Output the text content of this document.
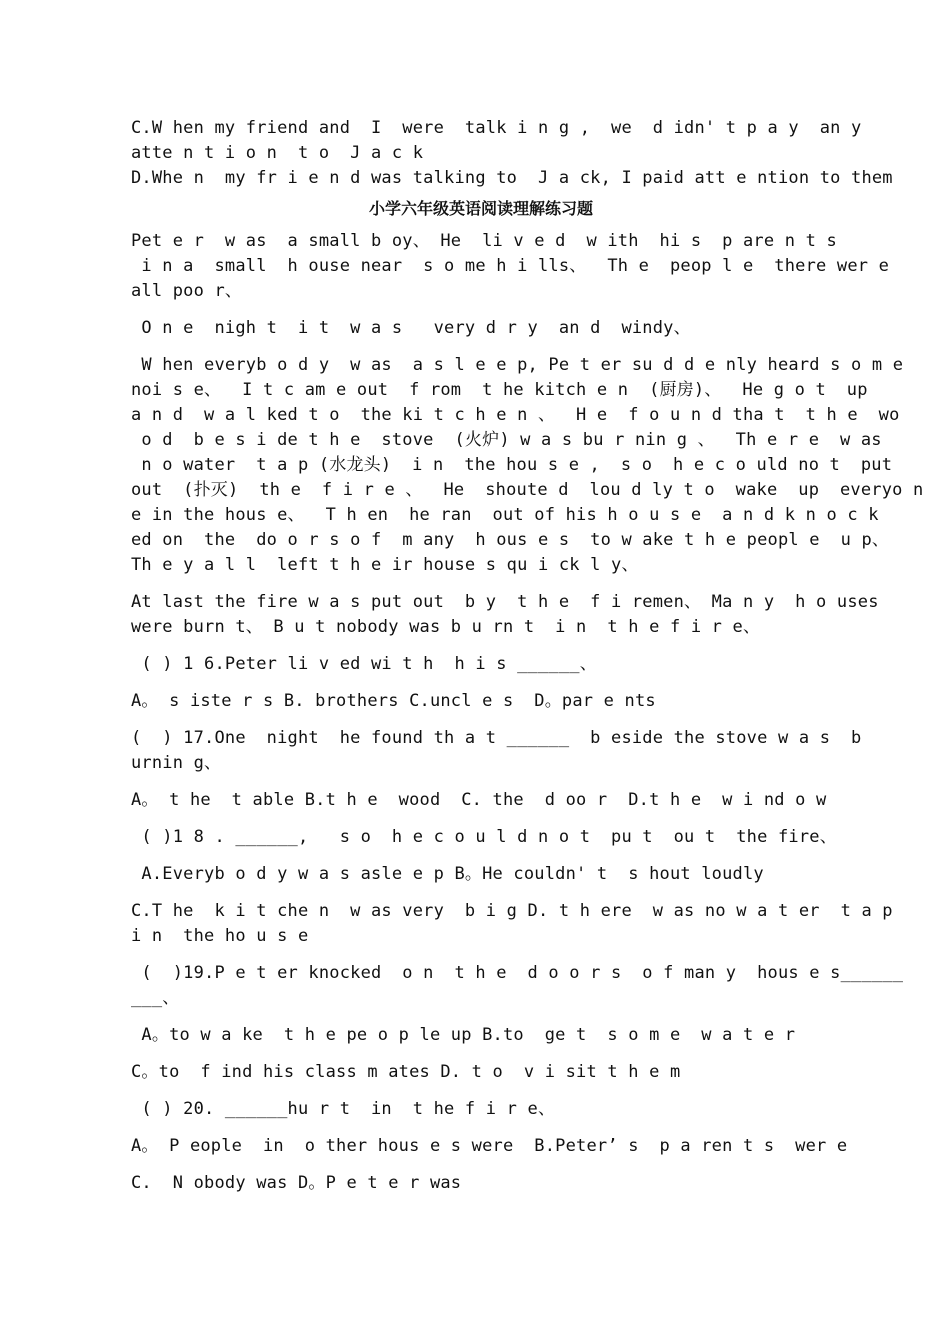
C.W hen my friend and  I  were  talk i n g ,  we  d idn' t p a y  an y
atte n t i o n  t o  J a c k
D.Whe n  my fr i e n d was talking to  J a ck, I paid att e ntion to them
小学六年级英语阅读理解练习题
Pet e r  w as  a small b oy、 He  li v e d  w ith  hi s  p are n t s
i n a  small  h ouse near  s o me h i lls、  Th e  peop l e  there wer e
all poo r、
O n e  nigh t  i t  w a s   very d r y  an d  windy、
W hen everyb o d y  w as  a s l e e p, Pe t er su d d e nly heard s o m e
noi s e、  I t c am e out  f rom  t he kitch e n  (厨房)、  He g o t  up
a n d  w a l ked t o  the ki t c h e n 、  H e  f o u n d tha t  t h e  wo
o d  b e s i de t h e  stove  (火炉) w a s bu r nin g 、  Th e r e  w as
n o water  t a p (水龙头)  i n  the hou s e ,  s o  h e c o uld no t  put
out  (扑灭)  th e  f i r e 、  He  shoute d  lou d ly t o  wake  up  everyo n
e in the hous e、  T h en  he ran  out of his h o u s e  a n d k n o c k
ed on  the  do o r s o f  m any  h ous e s  to w ake t h e peopl e  u p、
Th e y a l l  left t h e ir house s qu i ck l y、
At last the fire w a s put out  b y  t h e  f i remen、 Ma n y  h o uses
were burn t、 B u t nobody was b u rn t  i n  t h e f i r e、
( ) 1 6.Peter li v ed wi t h  h i s ______、
A。 s iste r s B. brothers C.uncl e s  D。par e nts
(  ) 17.One  night  he found th a t ______  b eside the stove w a s  b
urnin g、
A。 t he  t able B.t h e  wood  C. the  d oo r  D.t h e  w i nd o w
( )1 8 . ______,   s o  h e c o u l d n o t  pu t  ou t  the fire、
A.Everyb o d y w a s asle e p B。He couldn' t  s hout loudly
C.T he  k i t che n  w as very  b i g D. t h ere  w as no w a t er  t a p
i n  the ho u s e
(  )19.P e t er knocked  o n  t h e  d o o r s  o f man y  hous e s______
___、
A。to w a ke  t h e pe o p le up B.to  ge t  s o m e  w a t e r
C。to  f ind his class m ates D. t o  v i sit t h e m
( ) 20. ______hu r t  in  t he f i r e、
A。 P eople  in  o ther hous e s were  B.Peter’ s  p a ren t s  wer e
C.  N obody was D。P e t e r was
